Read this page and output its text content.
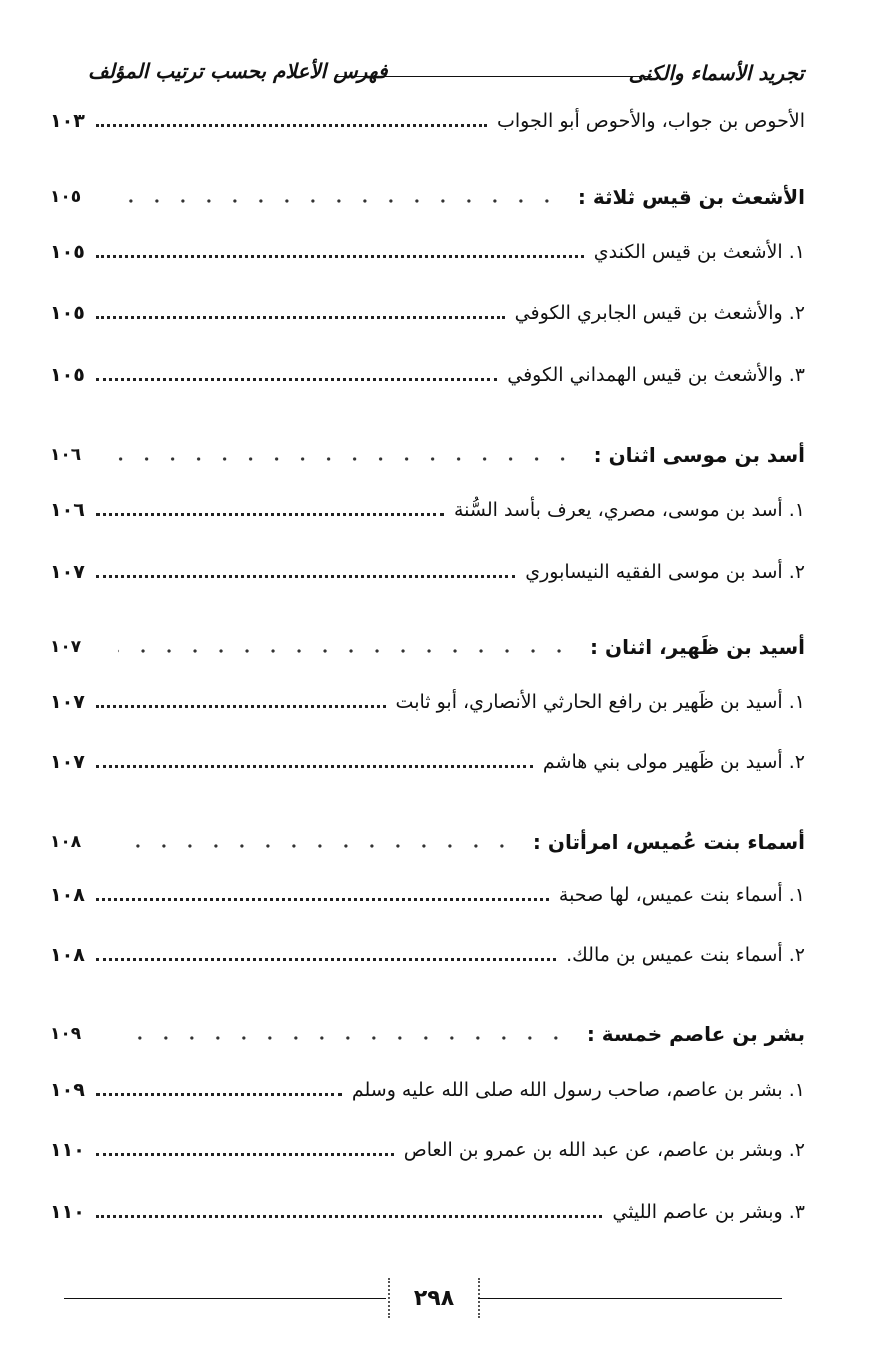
تجريد الأسماء والكنى
فهرس الأعلام بحسب ترتيب المؤلف
الأحوص بن جواب، والأحوص أبو الجواب
١٠٣
الأشعث بن قيس ثلاثة :
١٠٥
١. الأشعث بن قيس الكندي
١٠٥
٢. والأشعث بن قيس الجابري الكوفي
١٠٥
٣. والأشعث بن قيس الهمداني الكوفي
١٠٥
أسد بن موسى اثنان :
١٠٦
١. أسد بن موسى، مصري، يعرف بأسد السُّنة
١٠٦
٢. أسد بن موسى الفقيه النيسابوري
١٠٧
أسيد بن ظَهير، اثنان :
١٠٧
١. أسيد بن ظَهير بن رافع الحارثي الأنصاري، أبو ثابت
١٠٧
٢. أسيد بن ظَهير مولى بني هاشم
١٠٧
أسماء بنت عُميس، امرأتان :
١٠٨
١. أسماء بنت عميس، لها صحبة
١٠٨
٢. أسماء بنت عميس بن مالك.
١٠٨
بشر بن عاصم خمسة :
١٠٩
١. بشر بن عاصم، صاحب رسول الله صلى الله عليه وسلم
١٠٩
٢. وبشر بن عاصم، عن عبد الله بن عمرو بن العاص
١١٠
٣. وبشر بن عاصم الليثي
١١٠
٢٩٨
